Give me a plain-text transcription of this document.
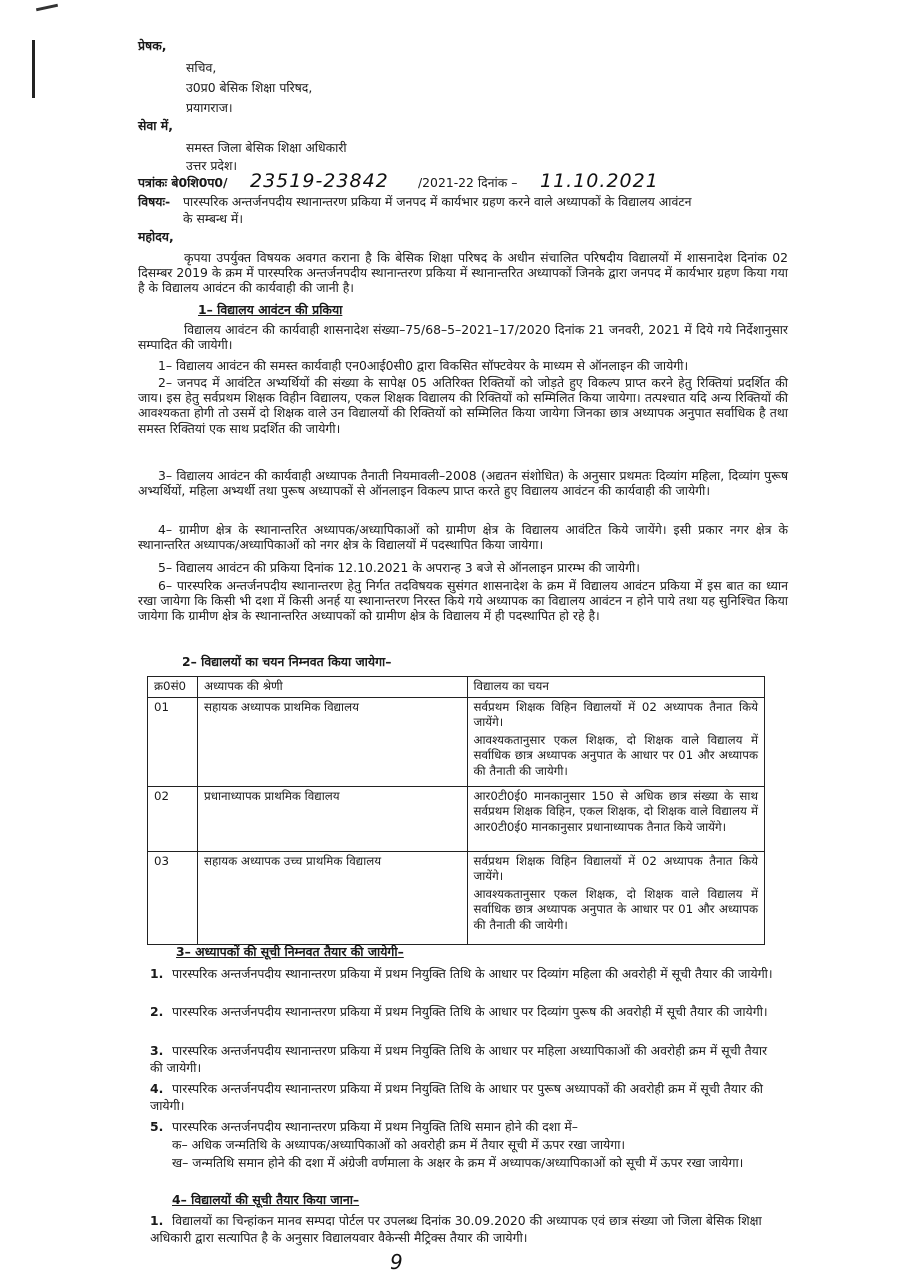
प्रेषक,
सचिव,
उ0प्र0 बेसिक शिक्षा परिषद,
प्रयागराज।
सेवा में,
समस्त जिला बेसिक शिक्षा अधिकारी
उत्तर प्रदेश।
पत्रांकः बे0शि0प0/ 23519-23842 /2021-22 दिनांक – 11.10.2021
विषयः- पारस्परिक अन्तर्जनपदीय स्थानान्तरण प्रकिया में जनपद में कार्यभार ग्रहण करने वाले अध्यापकों के विद्यालय आवंटन
के सम्बन्ध में।
महोदय,
कृपया उपर्युक्त विषयक अवगत कराना है कि बेसिक शिक्षा परिषद के अधीन संचालित परिषदीय विद्यालयों में शासनादेश दिनांक 02 दिसम्बर 2019 के क्रम में पारस्परिक अन्तर्जनपदीय स्थानान्तरण प्रकिया में स्थानान्तरित अध्यापकों जिनके द्वारा जनपद में कार्यभार ग्रहण किया गया है के विद्यालय आवंटन की कार्यवाही की जानी है।
1– विद्यालय आवंटन की प्रकिया
विद्यालय आवंटन की कार्यवाही शासनादेश संख्या–75/68–5–2021–17/2020 दिनांक 21 जनवरी, 2021 में दिये गये निर्देशानुसार सम्पादित की जायेगी।
1– विद्यालय आवंटन की समस्त कार्यवाही एन0आई0सी0 द्वारा विकसित सॉफ्टवेयर के माध्यम से ऑनलाइन की जायेगी।
2– जनपद में आवंटित अभ्यर्थियों की संख्या के सापेक्ष 05 अतिरिक्त रिक्तियों को जोड़ते हुए विकल्प प्राप्त करने हेतु रिक्तियां प्रदर्शित की जाय। इस हेतु सर्वप्रथम शिक्षक विहीन विद्यालय, एकल शिक्षक विद्यालय की रिक्तियों को सम्मिलित किया जायेगा। तत्पश्चात यदि अन्य रिक्तियों की आवश्यकता होगी तो उसमें दो शिक्षक वाले उन विद्यालयों की रिक्तियों को सम्मिलित किया जायेगा जिनका छात्र अध्यापक अनुपात सर्वाधिक है तथा समस्त रिक्तियां एक साथ प्रदर्शित की जायेगी।
3– विद्यालय आवंटन की कार्यवाही अध्यापक तैनाती नियमावली–2008 (अद्यतन संशोधित) के अनुसार प्रथमतः दिव्यांग महिला, दिव्यांग पुरूष अभ्यर्थियों, महिला अभ्यर्थी तथा पुरूष अध्यापकों से ऑनलाइन विकल्प प्राप्त करते हुए विद्यालय आवंटन की कार्यवाही की जायेगी।
4– ग्रामीण क्षेत्र के स्थानान्तरित अध्यापक/अध्यापिकाओं को ग्रामीण क्षेत्र के विद्यालय आवंटित किये जायेंगे। इसी प्रकार नगर क्षेत्र के स्थानान्तरित अध्यापक/अध्यापिकाओं को नगर क्षेत्र के विद्यालयों में पदस्थापित किया जायेगा।
5– विद्यालय आवंटन की प्रकिया दिनांक 12.10.2021 के अपरान्ह 3 बजे से ऑनलाइन प्रारम्भ की जायेगी।
6– पारस्परिक अन्तर्जनपदीय स्थानान्तरण हेतु निर्गत तदविषयक सुसंगत शासनादेश के क्रम में विद्यालय आवंटन प्रकिया में इस बात का ध्यान रखा जायेगा कि किसी भी दशा में किसी अनर्ह या स्थानान्तरण निरस्त किये गये अध्यापक का विद्यालय आवंटन न होने पाये तथा यह सुनिश्चित किया जायेगा कि ग्रामीण क्षेत्र के स्थानान्तरित अध्यापकों को ग्रामीण क्षेत्र के विद्यालय में ही पदस्थापित हो रहे है।
2– विद्यालयों का चयन निम्नवत किया जायेगा–
क्र0सं0	अध्यापक की श्रेणी	विद्यालय का चयन
01	सहायक अध्यापक प्राथमिक विद्यालय	सर्वप्रथम शिक्षक विहिन विद्यालयों में 02 अध्यापक तैनात किये जायेंगे।

आवश्यकतानुसार एकल शिक्षक, दो शिक्षक वाले विद्यालय में सर्वाधिक छात्र अध्यापक अनुपात के आधार पर 01 और अध्यापक की तैनाती की जायेगी।

02	प्रधानाध्यापक प्राथमिक विद्यालय	आर0टी0ई0 मानकानुसार 150 से अधिक छात्र संख्या के साथ सर्वप्रथम शिक्षक विहिन, एकल शिक्षक, दो शिक्षक वाले विद्यालय में आर0टी0ई0 मानकानुसार प्रधानाध्यापक तैनात किये जायेंगे।

03	सहायक अध्यापक उच्च प्राथमिक विद्यालय	सर्वप्रथम शिक्षक विहिन विद्यालयों में 02 अध्यापक तैनात किये जायेंगे।

आवश्यकतानुसार एकल शिक्षक, दो शिक्षक वाले विद्यालय में सर्वाधिक छात्र अध्यापक अनुपात के आधार पर 01 और अध्यापक की तैनाती की जायेगी।

3– अध्यापकों की सूची निम्नवत तैयार की जायेगी–
1. पारस्परिक अन्तर्जनपदीय स्थानान्तरण प्रकिया में प्रथम नियुक्ति तिथि के आधार पर दिव्यांग महिला की अवरोही में सूची तैयार की जायेगी।
2. पारस्परिक अन्तर्जनपदीय स्थानान्तरण प्रकिया में प्रथम नियुक्ति तिथि के आधार पर दिव्यांग पुरूष की अवरोही में सूची तैयार की जायेगी।
3. पारस्परिक अन्तर्जनपदीय स्थानान्तरण प्रकिया में प्रथम नियुक्ति तिथि के आधार पर महिला अध्यापिकाओं की अवरोही क्रम में सूची तैयार की जायेगी।
4. पारस्परिक अन्तर्जनपदीय स्थानान्तरण प्रकिया में प्रथम नियुक्ति तिथि के आधार पर पुरूष अध्यापकों की अवरोही क्रम में सूची तैयार की जायेगी।
5. पारस्परिक अन्तर्जनपदीय स्थानान्तरण प्रकिया में प्रथम नियुक्ति तिथि समान होने की दशा में–
क– अधिक जन्मतिथि के अध्यापक/अध्यापिकाओं को अवरोही क्रम में तैयार सूची में ऊपर रखा जायेगा।
ख– जन्मतिथि समान होने की दशा में अंग्रेजी वर्णमाला के अक्षर के क्रम में अध्यापक/अध्यापिकाओं को सूची में ऊपर रखा जायेगा।
4– विद्यालयों की सूची तैयार किया जाना–
1. विद्यालयों का चिन्हांकन मानव सम्पदा पोर्टल पर उपलब्ध दिनांक 30.09.2020 की अध्यापक एवं छात्र संख्या जो जिला बेसिक शिक्षा अधिकारी द्वारा सत्यापित है के अनुसार विद्यालयवार वैकेन्सी मैट्रिक्स तैयार की जायेगी।
9
